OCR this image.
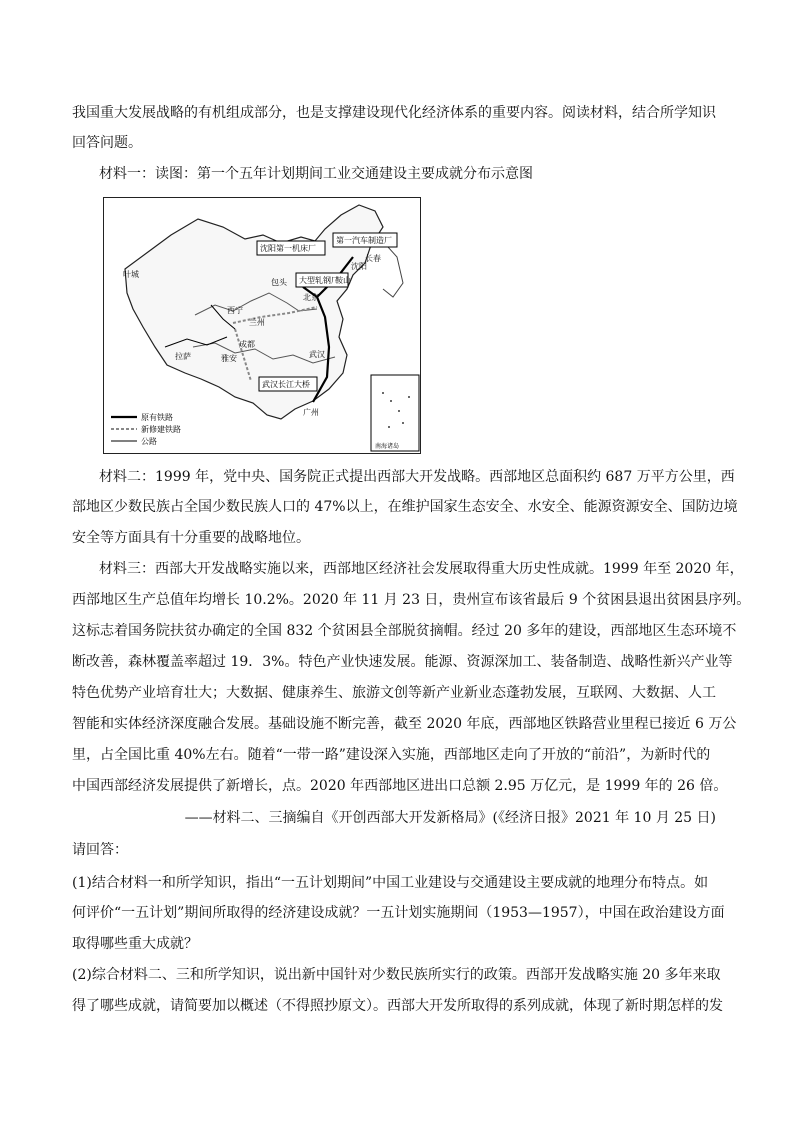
我国重大发展战略的有机组成部分，也是支撑建设现代化经济体系的重要内容。阅读材料，结合所学知识
回答问题。
材料一：读图：第一个五年计划期间工业交通建设主要成就分布示意图
沈阳第一机床厂
第一汽车制造厂
大型轧钢厂
武汉长江大桥
北京
沈阳
长春
鞍山
西宁
兰州
拉萨	雅安
成都
武汉
广州
叶城
包头
原有铁路
新修建铁路
公路
南海诸岛
材料二：1999 年，党中央、国务院正式提出西部大开发战略。西部地区总面积约 687 万平方公里，西
部地区少数民族占全国少数民族人口的 47%以上，在维护国家生态安全、水安全、能源资源安全、国防边境
安全等方面具有十分重要的战略地位。
材料三：西部大开发战略实施以来，西部地区经济社会发展取得重大历史性成就。1999 年至 2020 年，
西部地区生产总值年均增长 10.2%。2020 年 11 月 23 日，贵州宣布该省最后 9 个贫困县退出贫困县序列。
这标志着国务院扶贫办确定的全国 832 个贫困县全部脱贫摘帽。经过 20 多年的建设，西部地区生态环境不
断改善，森林覆盖率超过 19．3%。特色产业快速发展。能源、资源深加工、装备制造、战略性新兴产业等
特色优势产业培育壮大；大数据、健康养生、旅游文创等新产业新业态蓬勃发展，互联网、大数据、人工
智能和实体经济深度融合发展。基础设施不断完善，截至 2020 年底，西部地区铁路营业里程已接近 6 万公
里，占全国比重 40%左右。随着“一带一路”建设深入实施，西部地区走向了开放的“前沿”，为新时代的
中国西部经济发展提供了新增长，点。2020 年西部地区进出口总额 2.95 万亿元，是 1999 年的 26 倍。
——材料二、三摘编自《开创西部大开发新格局》(《经济日报》2021 年 10 月 25 日)
请回答：
(1)结合材料一和所学知识，指出“一五计划期间”中国工业建设与交通建设主要成就的地理分布特点。如
何评价“一五计划”期间所取得的经济建设成就？一五计划实施期间（1953—1957），中国在政治建设方面
取得哪些重大成就？
(2)综合材料二、三和所学知识，说出新中国针对少数民族所实行的政策。西部开发战略实施 20 多年来取
得了哪些成就，请简要加以概述（不得照抄原文）。西部大开发所取得的系列成就，体现了新时期怎样的发
